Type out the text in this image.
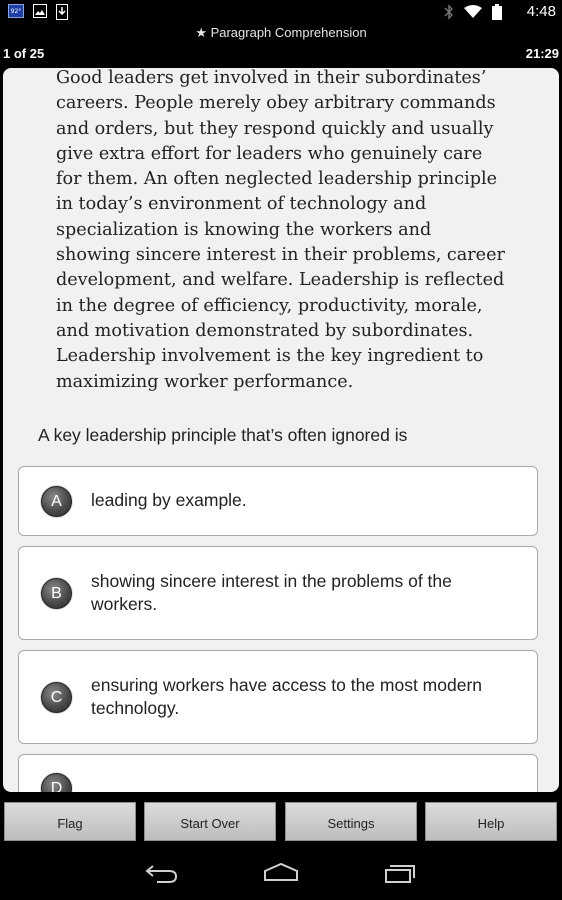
92°	4:48
★ Paragraph Comprehension
1 of 25	21:29
Good leaders get involved in their subordinates’
careers. People merely obey arbitrary commands
and orders, but they respond quickly and usually
give extra effort for leaders who genuinely care
for them. An often neglected leadership principle
in today’s environment of technology and
specialization is knowing the workers and
showing sincere interest in their problems, career
development, and welfare. Leadership is reflected
in the degree of efficiency, productivity, morale,
and motivation demonstrated by subordinates.
Leadership involvement is the key ingredient to
maximizing worker performance.
A key leadership principle that’s often ignored is
A	leading by example.
B
showing sincere interest in the problems of the workers.
C
ensuring workers have access to the most modern technology.
D
Flag	Start Over	Settings	Help
